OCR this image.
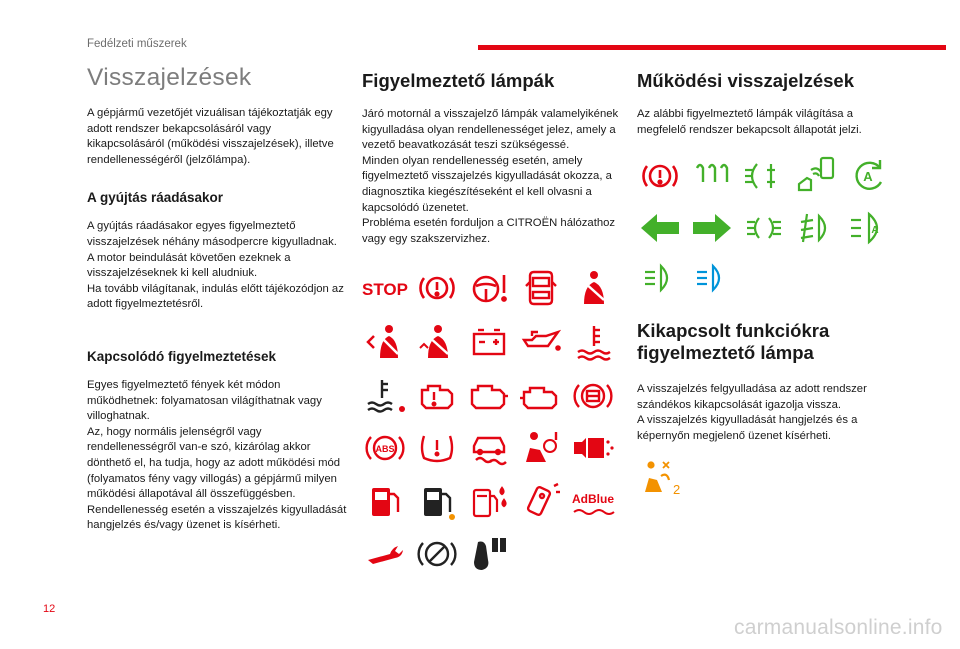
Fedélzeti műszerek
Visszajelzések

A gépjármű vezetőjét vizuálisan tájékoztatják egy adott rendszer bekapcsolásáról vagy kikapcsolásáról (működési visszajelzések), illetve rendellenességéről (jelzőlámpa).

A gyújtás ráadásakor

A gyújtás ráadásakor egyes figyelmeztető visszajelzések néhány másodpercre kigyulladnak.
A motor beindulását követően ezeknek a visszajelzéseknek ki kell aludniuk.
Ha tovább világítanak, indulás előtt tájékozódjon az adott figyelmeztetésről.

Kapcsolódó figyelmeztetések

Egyes figyelmeztető fények két módon működhetnek: folyamatosan világíthatnak vagy villoghatnak.
Az, hogy normális jelenségről vagy rendellenességről van-e szó, kizárólag akkor dönthető el, ha tudja, hogy az adott működési mód (folyamatos fény vagy villogás) a gépjármű milyen működési állapotával áll összefüggésben.
Rendellenesség esetén a visszajelzés kigyulladását hangjelzés és/vagy üzenet is kísérheti.

Figyelmeztető lámpák

Járó motornál a visszajelző lámpák valamelyikének kigyulladása olyan rendellenességet jelez, amely a vezető beavatkozását teszi szükségessé.
Minden olyan rendellenesség esetén, amely figyelmeztető visszajelzés kigyulladását okozza, a diagnosztika kiegészítéseként el kell olvasni a kapcsolódó üzenetet.
Probléma esetén forduljon a CITROËN hálózathoz vagy egy szakszervizhez.

STOP
ABS
AdBlue
Működési visszajelzések

Az alábbi figyelmeztető lámpák világítása a megfelelő rendszer bekapcsolt állapotát jelzi.

A
A
Kikapcsolt funkciókra figyelmeztető lámpa

A visszajelzés felgyulladása az adott rendszer szándékos kikapcsolását igazolja vissza.
A visszajelzés kigyulladását hangjelzés és a képernyőn megjelenő üzenet kísérheti.

2
12
carmanualsonline.info
